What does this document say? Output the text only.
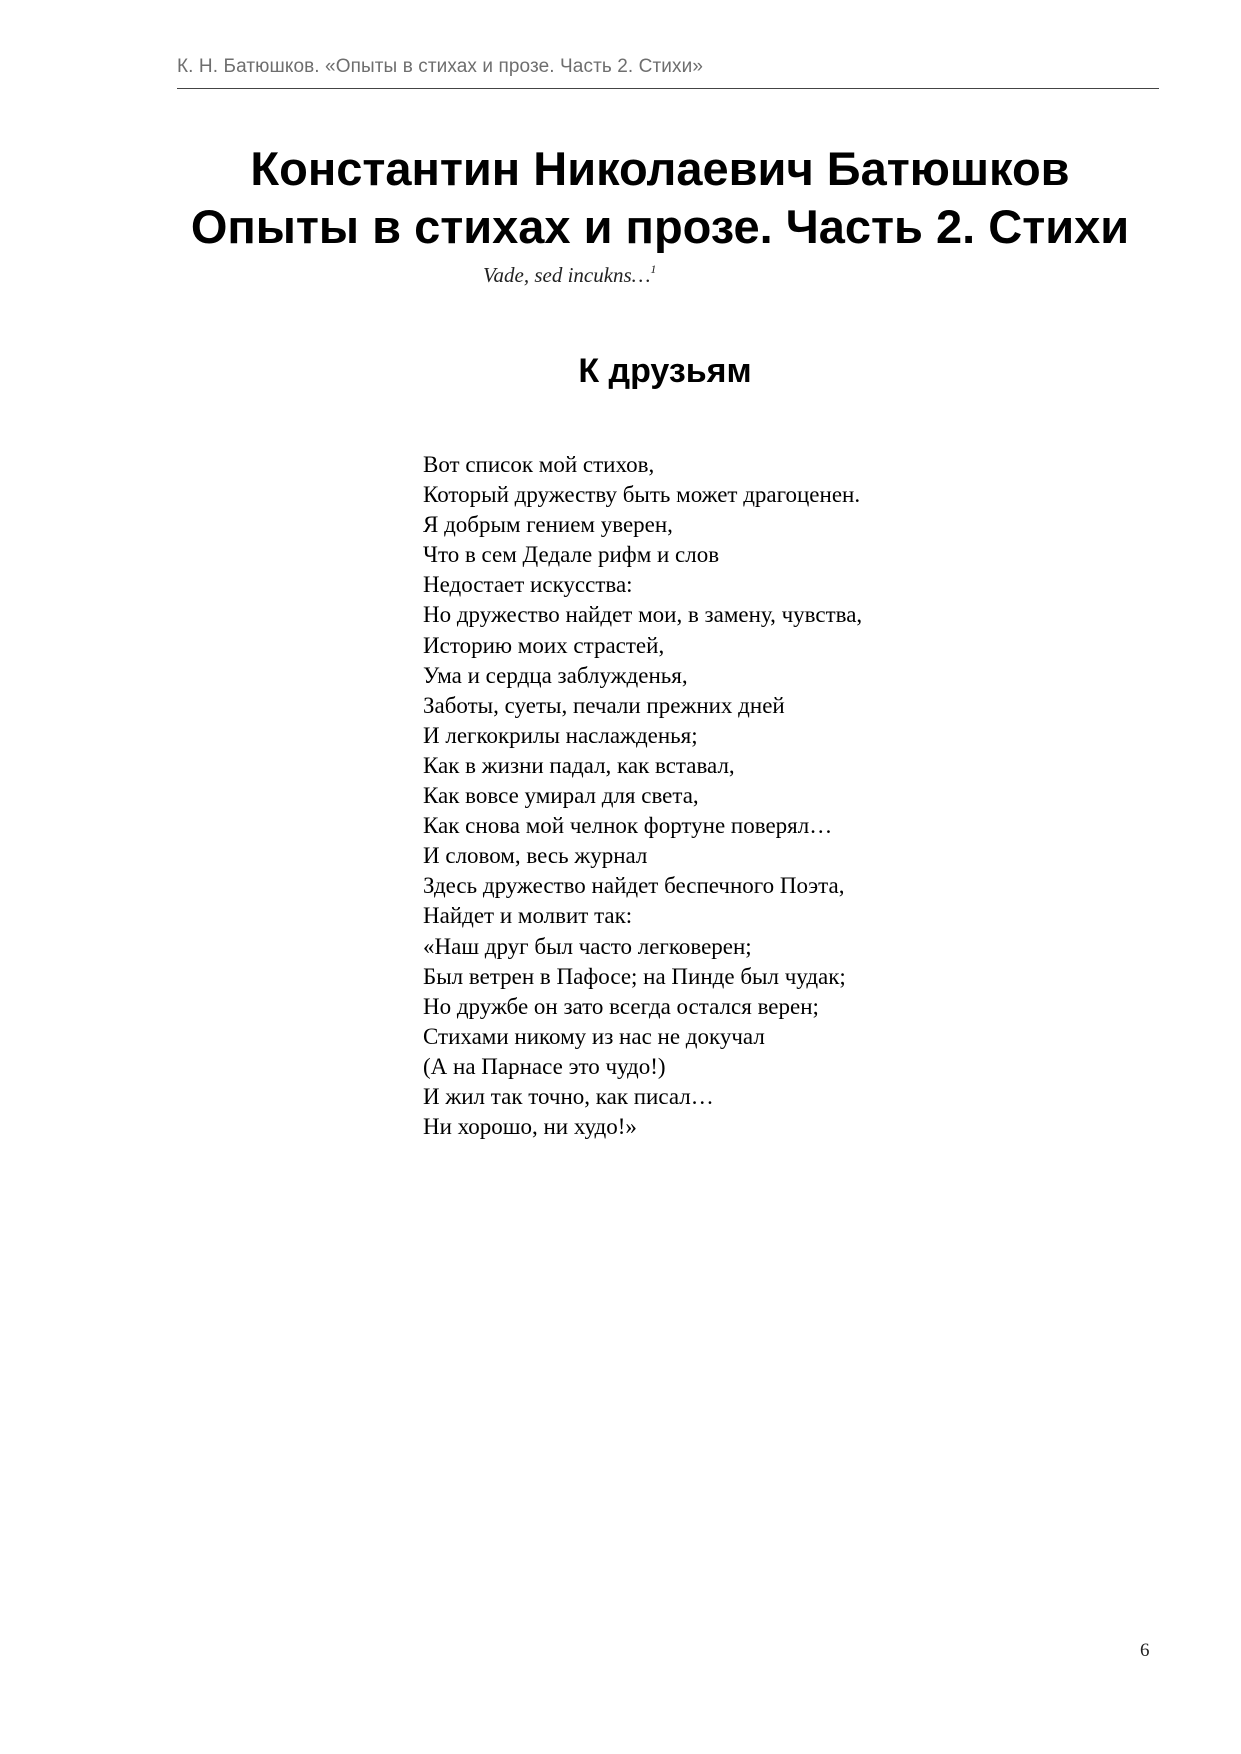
К. Н. Батюшков. «Опыты в стихах и прозе. Часть 2. Стихи»
Константин Николаевич Батюшков
Опыты в стихах и прозе. Часть 2. Стихи
Vade, sed incukns…$^1$
К друзьям
Вот список мой стихов,
Который дружеству быть может драгоценен.
Я добрым гением уверен,
Что в сем Дедале рифм и слов
Недостает искусства:
Но дружество найдет мои, в замену, чувства,
Историю моих страстей,
Ума и сердца заблужденья,
Заботы, суеты, печали прежних дней
И легкокрилы наслажденья;
Как в жизни падал, как вставал,
Как вовсе умирал для света,
Как снова мой челнок фортуне поверял…
И словом, весь журнал
Здесь дружество найдет беспечного Поэта,
Найдет и молвит так:
«Наш друг был часто легковерен;
Был ветрен в Пафосе; на Пинде был чудак;
Но дружбе он зато всегда остался верен;
Стихами никому из нас не докучал
(А на Парнасе это чудо!)
И жил так точно, как писал…
Ни хорошо, ни худо!»
6
